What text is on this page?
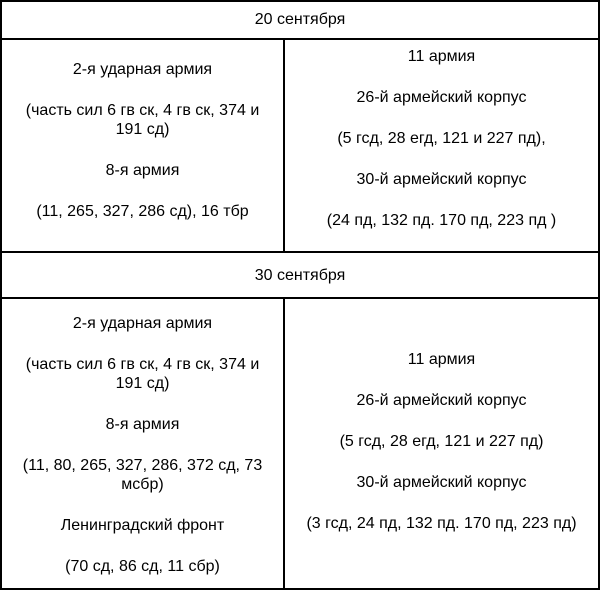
20 сентября

2-я ударная армия

(часть сил 6 гв ск, 4 гв ск, 374 и 191 сд)

8-я армия

(11, 265, 327, 286 сд), 16 тбр

11 армия

26-й армейский корпус

(5 гсд, 28 егд, 121 и 227 пд),

30-й армейский корпус

(24 пд, 132 пд. 170 пд, 223 пд )

30 сентября

2-я ударная армия

(часть сил 6 гв ск, 4 гв ск, 374 и 191 сд)

8-я армия

(11, 80, 265, 327, 286, 372 сд, 73 мсбр)

Ленинградский фронт

(70 сд, 86 сд, 11 сбр)

11 армия

26-й армейский корпус

(5 гсд, 28 егд, 121 и 227 пд)

30-й армейский корпус

(3 гсд, 24 пд, 132 пд. 170 пд, 223 пд)
